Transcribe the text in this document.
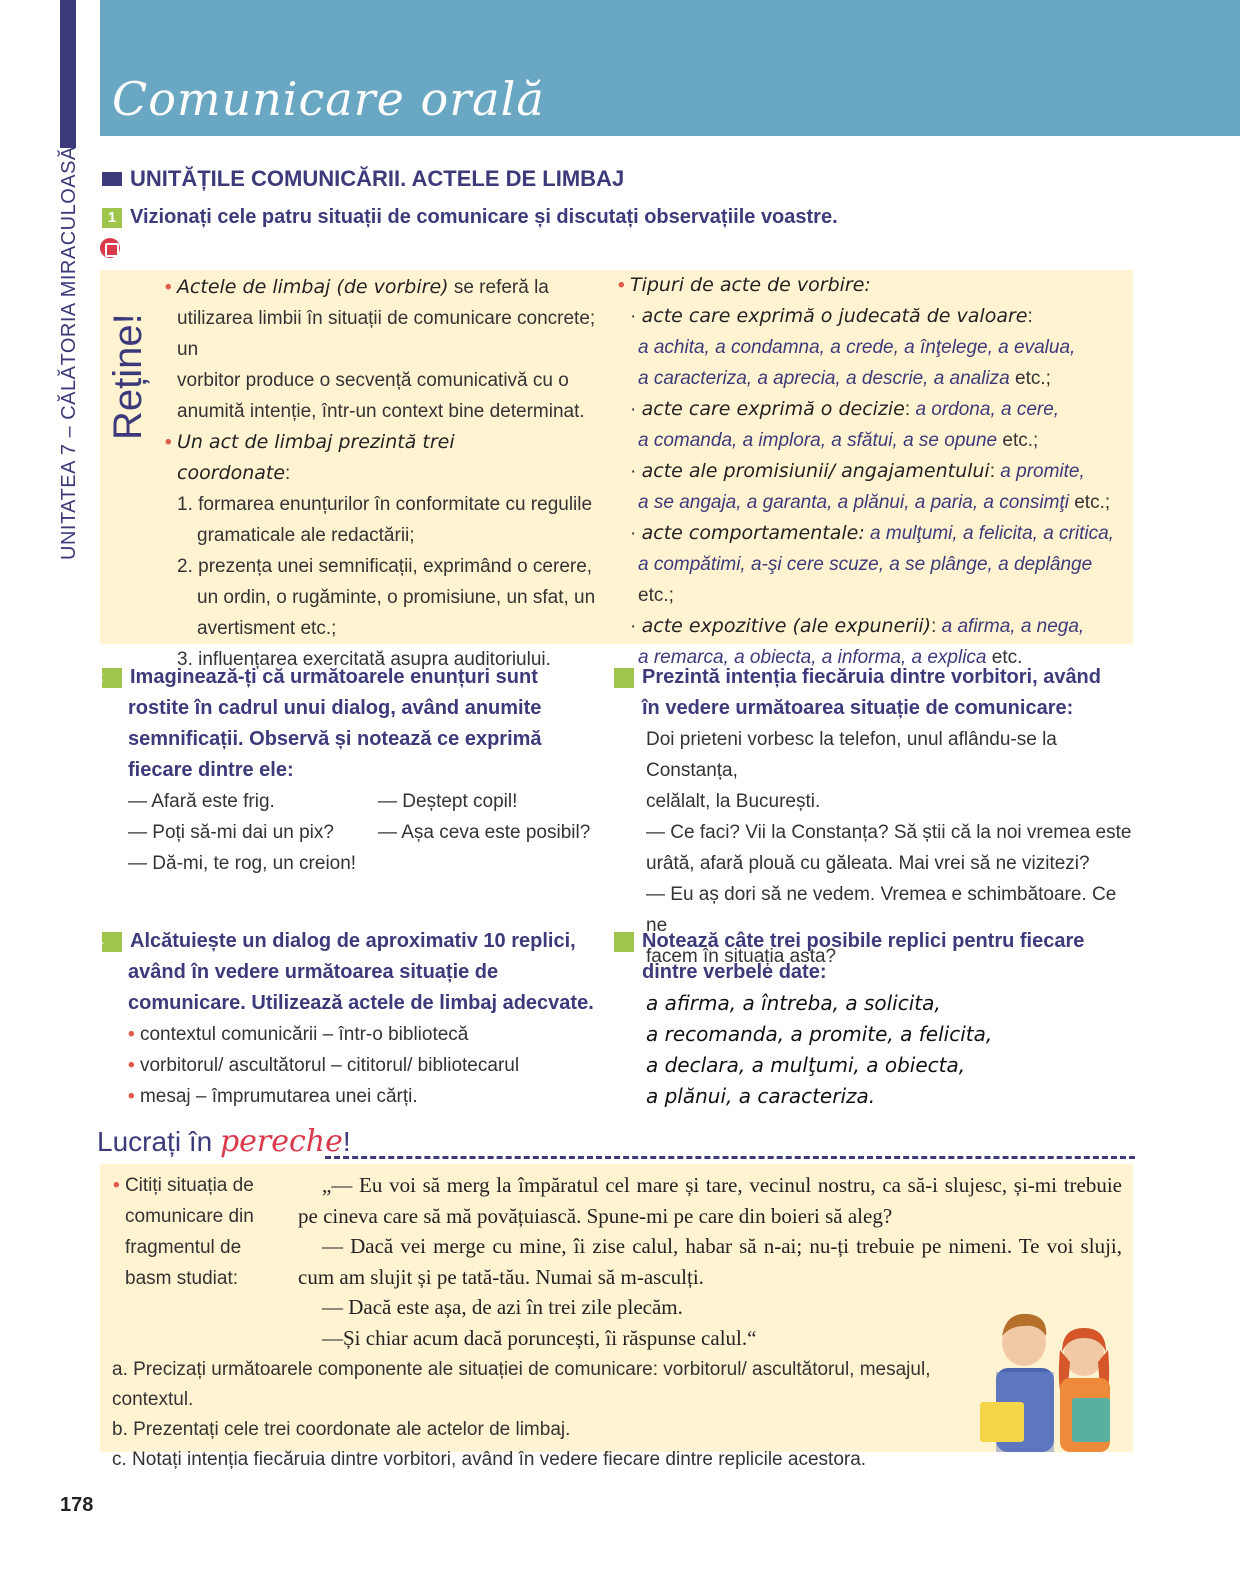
UNITATEA 7 – CĂLĂTORIA MIRACULOASĂ
Comunicare orală
UNITĂȚILE COMUNICĂRII. ACTELE DE LIMBAJ
1 Vizionați cele patru situații de comunicare și discutați observațiile voastre.
Reține!

• Actele de limbaj (de vorbire) se referă la

utilizarea limbii în situații de comunicare concrete; un

vorbitor produce o secvență comunicativă cu o

anumită intenție, într-un context bine determinat.

• Un act de limbaj prezintă trei

coordonate:

1. formarea enunțurilor în conformitate cu regulile

gramaticale ale redactării;

2. prezența unei semnificații, exprimând o cerere,

un ordin, o rugăminte, o promisiune, un sfat, un

avertisment etc.;

3. influențarea exercitată asupra auditoriului.

• Tipuri de acte de vorbire:

· acte care exprimă o judecată de valoare:

a achita, a condamna, a crede, a înţelege, a evalua,

a caracteriza, a aprecia, a descrie, a analiza etc.;

· acte care exprimă o decizie: a ordona, a cere,

a comanda, a implora, a sfătui, a se opune etc.;

· acte ale promisiunii/ angajamentului: a promite,

a se angaja, a garanta, a plănui, a paria, a consimţi etc.;

· acte comportamentale: a mulţumi, a felicita, a critica,

a compătimi, a-şi cere scuze, a se plânge, a deplânge etc.;

· acte expozitive (ale expunerii): a afirma, a nega,

a remarca, a obiecta, a informa, a explica etc.

2 Imaginează-ți că următoarele enunțuri sunt
rostite în cadrul unui dialog, având anumite
semnificații. Observă și notează ce exprimă
fiecare dintre ele:

— Afară este frig.

— Poți să-mi dai un pix?

— Dă-mi, te rog, un creion!

— Deștept copil!

— Așa ceva este posibil?

3 Prezintă intenția fiecăruia dintre vorbitori, având
în vedere următoarea situație de comunicare:

Doi prieteni vorbesc la telefon, unul aflându-se la Constanța,

celălalt, la București.

— Ce faci? Vii la Constanța? Să știi că la noi vremea este

urâtă, afară plouă cu găleata. Mai vrei să ne vizitezi?

— Eu aș dori să ne vedem. Vremea e schimbătoare. Ce ne

facem în situația asta?

4 Alcătuiește un dialog de aproximativ 10 replici,
având în vedere următoarea situație de
comunicare. Utilizează actele de limbaj adecvate.

• contextul comunicării – într-o bibliotecă

• vorbitorul/ ascultătorul – cititorul/ bibliotecarul

• mesaj – împrumutarea unei cărți.

5 Notează câte trei posibile replici pentru fiecare
dintre verbele date:

a afirma, a întreba, a solicita,

a recomanda, a promite, a felicita,

a declara, a mulţumi, a obiecta,

a plănui, a caracteriza.

Lucrați în pereche!

• Citiți situația de

comunicare din

fragmentul de

basm studiat:

„— Eu voi să merg la împăratul cel mare și tare, vecinul nostru, ca să-i slujesc, și-mi trebuie pe cineva care să mă povățuiască. Spune-mi pe care din boieri să aleg?

— Dacă vei merge cu mine, îi zise calul, habar să n-ai; nu-ți trebuie pe nimeni. Te voi sluji, cum am slujit și pe tată-tău. Numai să m-asculți.

— Dacă este așa, de azi în trei zile plecăm.

—Și chiar acum dacă poruncești, îi răspunse calul.“

a. Precizați următoarele componente ale situației de comunicare: vorbitorul/ ascultătorul, mesajul, contextul.

b. Prezentați cele trei coordonate ale actelor de limbaj.

c. Notați intenția fiecăruia dintre vorbitori, având în vedere fiecare dintre replicile acestora.

178
